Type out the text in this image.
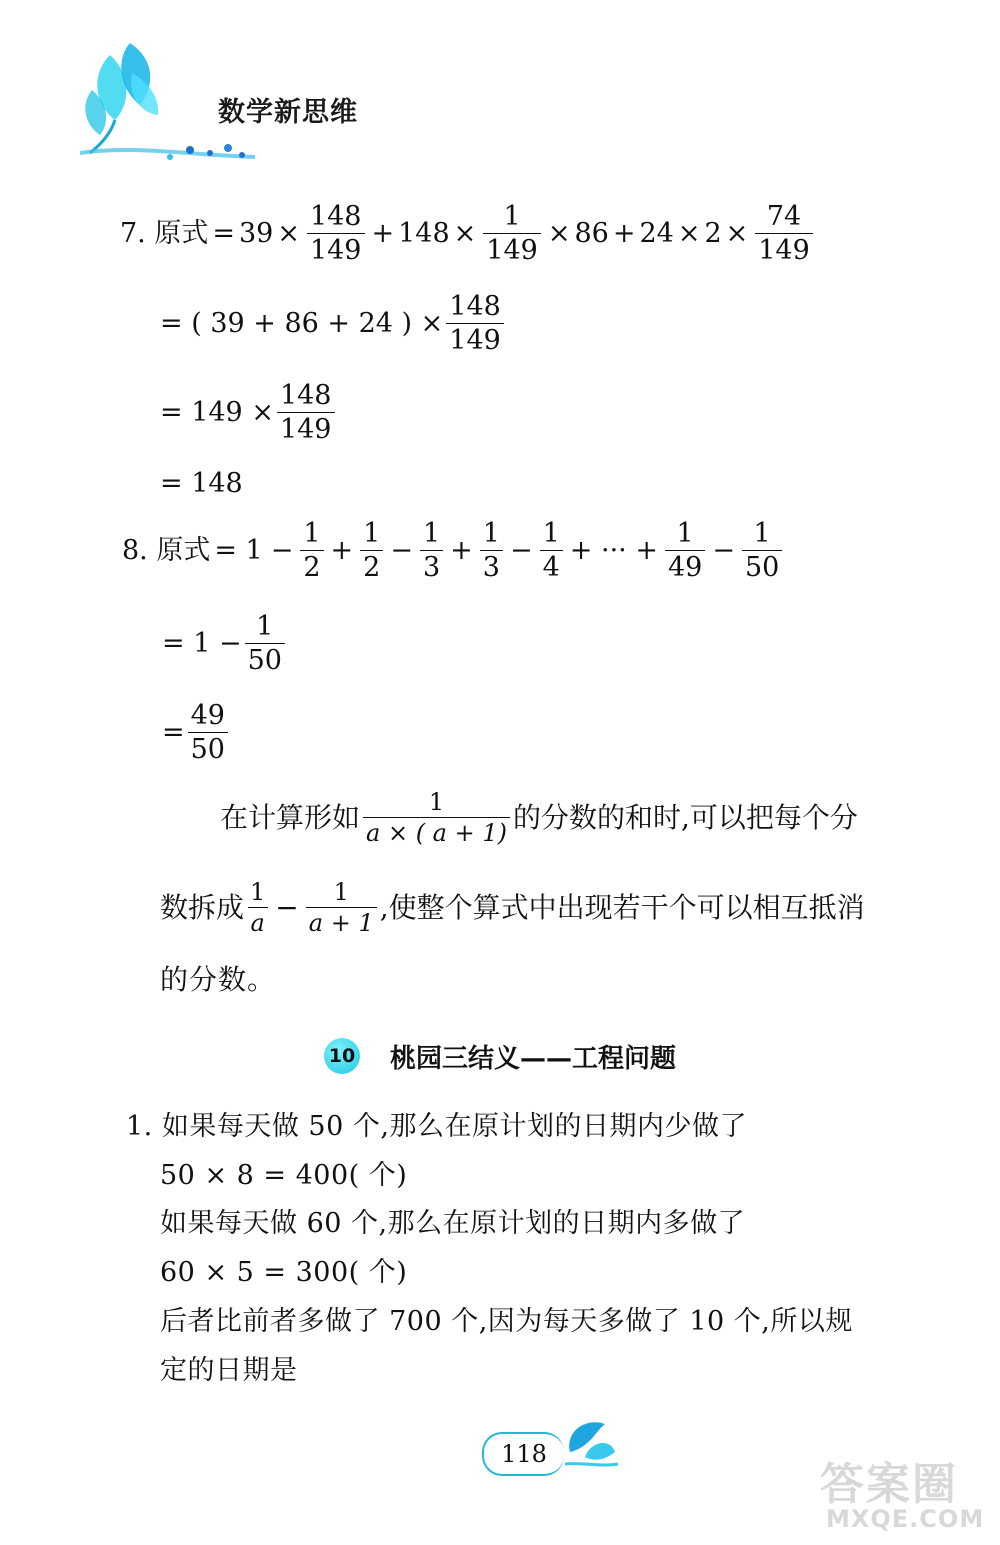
数学新思维
7. 原式 = $39 \times \frac{148}{149} + 148 \times \frac{1}{149} \times 86 + 24 \times 2 \times \frac{74}{149}$
= ( 39 + 86 + 24 ) × $\frac{148}{149}$
= $149 \times \frac{148}{149}$
= 148
8. 原式 = $1 - \frac{1}{2} + \frac{1}{2} - \frac{1}{3} + \frac{1}{3} - \frac{1}{4}$ + ··· + $\frac{1}{49} - \frac{1}{50}$
= $1 - \frac{1}{50}$
= $\frac{49}{50}$
在计算形如 $\frac{1}{a \times ( a + 1)}$ 的分数的和时,可以把每个分
数拆成 $\frac{1}{a} - \frac{1}{a + 1}$ ,使整个算式中出现若干个可以相互抵消
的分数。
10 桃园三结义——工程问题
1. 如果每天做 50 个,那么在原计划的日期内少做了
50 × 8 = 400( 个)
如果每天做 60 个,那么在原计划的日期内多做了
60 × 5 = 300( 个)
后者比前者多做了 700 个,因为每天多做了 10 个,所以规
定的日期是
118
答案圈
MXQE.COM
